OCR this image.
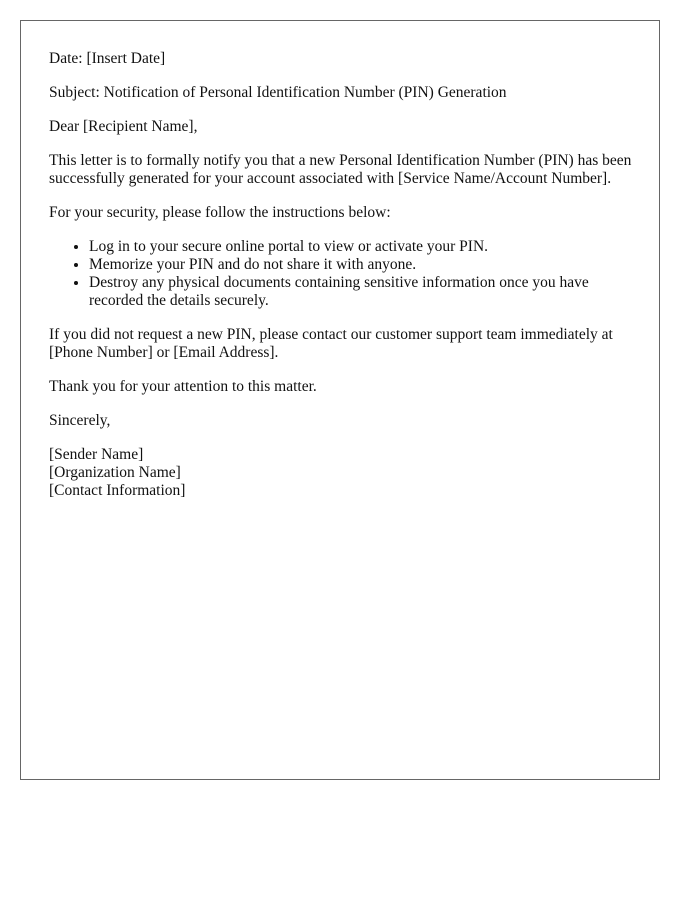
Date: [Insert Date]

Subject: Notification of Personal Identification Number (PIN) Generation

Dear [Recipient Name],

This letter is to formally notify you that a new Personal Identification Number (PIN) has been successfully generated for your account associated with [Service Name/Account Number].

For your security, please follow the instructions below:

• Log in to your secure online portal to view or activate your PIN.
• Memorize your PIN and do not share it with anyone.
• Destroy any physical documents containing sensitive information once you have recorded the details securely.

If you did not request a new PIN, please contact our customer support team immediately at [Phone Number] or [Email Address].

Thank you for your attention to this matter.

Sincerely,

[Sender Name]
[Organization Name]
[Contact Information]
